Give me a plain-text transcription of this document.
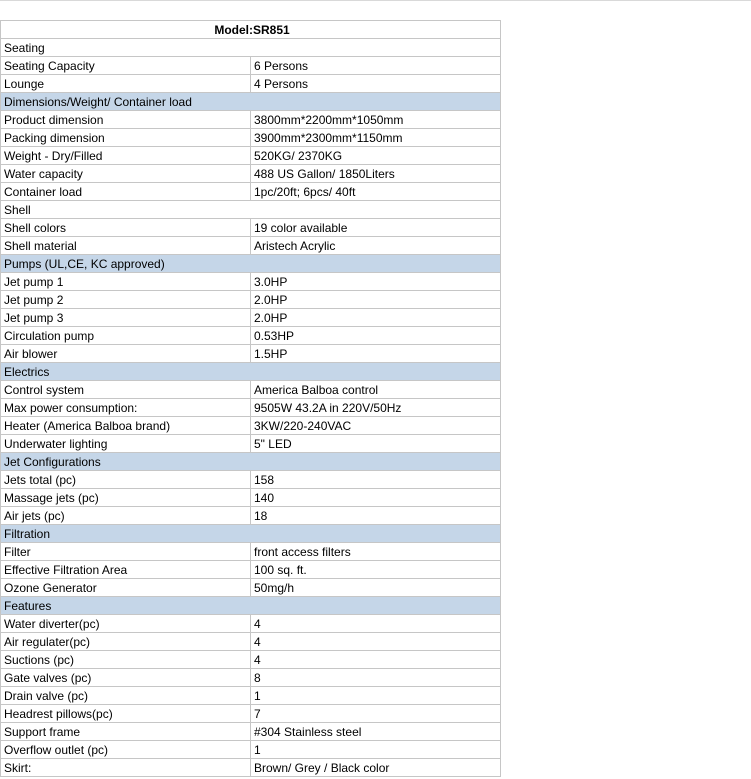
Model:SR851	
Seating	
Seating Capacity	6 Persons
Lounge	4 Persons
Dimensions/Weight/ Container load	
Product dimension	3800mm*2200mm*1050mm
Packing dimension	3900mm*2300mm*1150mm
Weight - Dry/Filled	520KG/ 2370KG
Water capacity	488 US Gallon/ 1850Liters
Container load	1pc/20ft; 6pcs/ 40ft
Shell	
Shell colors	19 color available
Shell material	Aristech Acrylic
Pumps (UL,CE, KC approved)	
Jet pump 1	3.0HP
Jet pump 2	2.0HP
Jet pump 3	2.0HP
Circulation pump	0.53HP
Air blower	1.5HP
Electrics	
Control system	America Balboa control
Max power consumption:	9505W 43.2A in 220V/50Hz
Heater (America Balboa brand)	3KW/220-240VAC
Underwater lighting	5" LED
Jet Configurations	
Jets total (pc)	158
Massage jets (pc)	140
Air jets (pc)	18
Filtration	
Filter	front access filters
Effective Filtration Area	100 sq. ft.
Ozone Generator	50mg/h
Features	
Water diverter(pc)	4
Air regulater(pc)	4
Suctions (pc)	4
Gate valves (pc)	8
Drain valve (pc)	1
Headrest pillows(pc)	7
Support frame	#304 Stainless steel
Overflow outlet (pc)	1
Skirt:	Brown/ Grey / Black color
